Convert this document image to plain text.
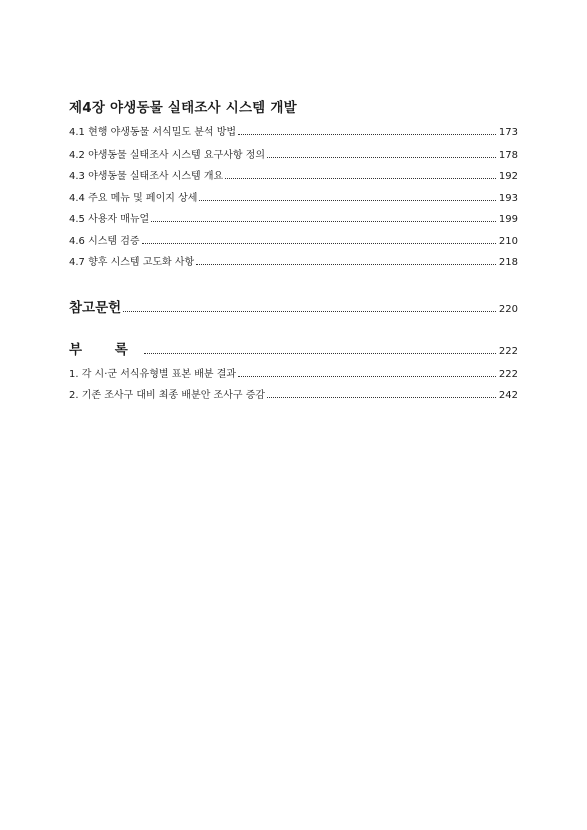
제4장 야생동물 실태조사 시스템 개발
4.1 현행 야생동물 서식밀도 분석 방법	173
4.2 야생동물 실태조사 시스템 요구사항 정의	178
4.3 야생동물 실태조사 시스템 개요	192
4.4 주요 메뉴 및 페이지 상세	193
4.5 사용자 매뉴얼	199
4.6 시스템 검증	210
4.7 향후 시스템 고도화 사항	218
참고문헌	220
부 록	222
1. 각 시·군 서식유형별 표본 배분 결과	222
2. 기존 조사구 대비 최종 배분안 조사구 증감	242
